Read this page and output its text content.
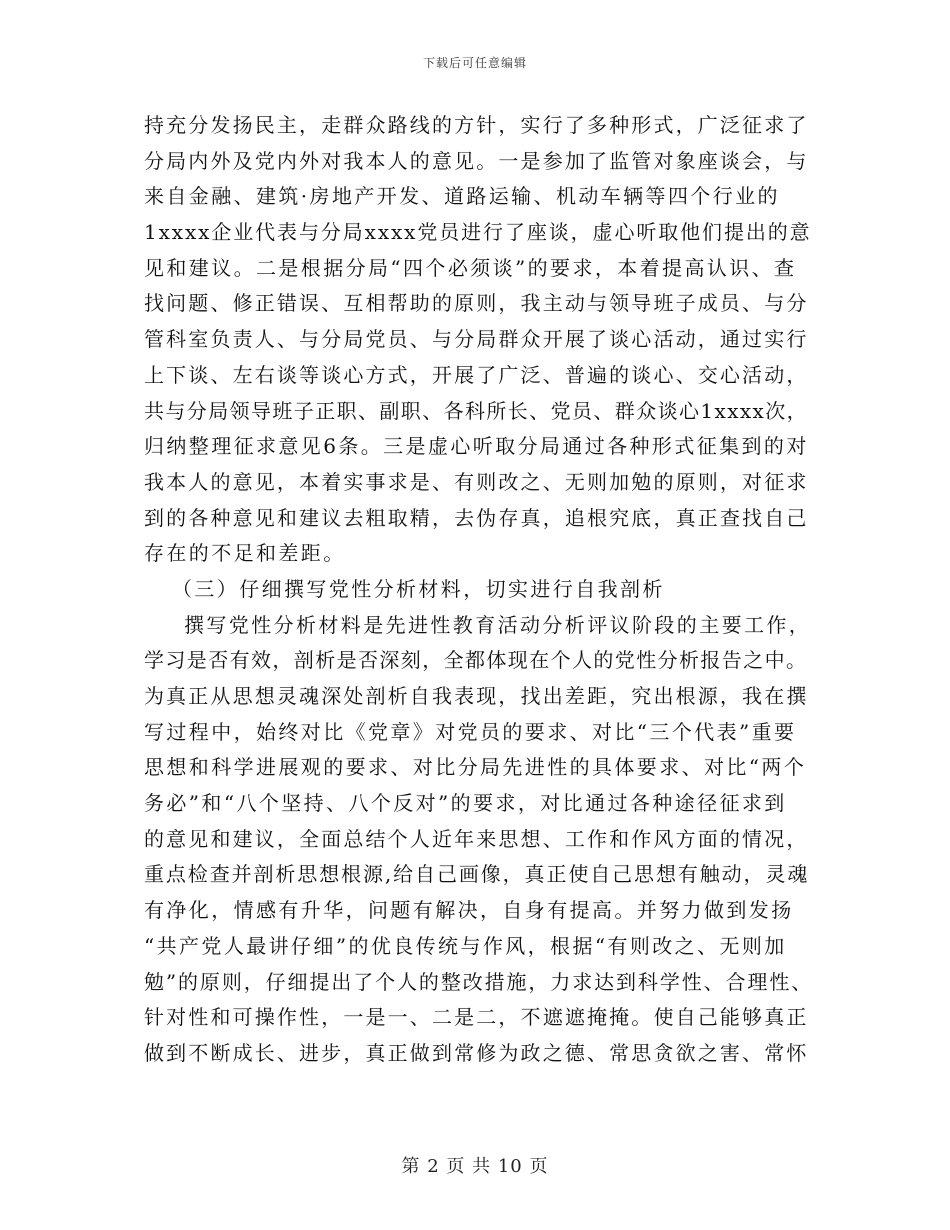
下载后可任意编辑
持充分发扬民主，走群众路线的方针，实行了多种形式，广泛征求了
分局内外及党内外对我本人的意见。一是参加了监管对象座谈会，与
来自金融、建筑·房地产开发、道路运输、机动车辆等四个行业的
1xxxx企业代表与分局xxxx党员进行了座谈，虚心听取他们提出的意
见和建议。二是根据分局“四个必须谈”的要求，本着提高认识、查
找问题、修正错误、互相帮助的原则，我主动与领导班子成员、与分
管科室负责人、与分局党员、与分局群众开展了谈心活动，通过实行
上下谈、左右谈等谈心方式，开展了广泛、普遍的谈心、交心活动，
共与分局领导班子正职、副职、各科所长、党员、群众谈心1xxxx次，
归纳整理征求意见6条。三是虚心听取分局通过各种形式征集到的对
我本人的意见，本着实事求是、有则改之、无则加勉的原则，对征求
到的各种意见和建议去粗取精，去伪存真，追根究底，真正查找自己
存在的不足和差距。
（三）仔细撰写党性分析材料，切实进行自我剖析
撰写党性分析材料是先进性教育活动分析评议阶段的主要工作，
学习是否有效，剖析是否深刻，全都体现在个人的党性分析报告之中。
为真正从思想灵魂深处剖析自我表现，找出差距，究出根源，我在撰
写过程中，始终对比《党章》对党员的要求、对比“三个代表”重要
思想和科学进展观的要求、对比分局先进性的具体要求、对比“两个
务必”和“八个坚持、八个反对”的要求，对比通过各种途径征求到
的意见和建议，全面总结个人近年来思想、工作和作风方面的情况，
重点检查并剖析思想根源,给自己画像，真正使自己思想有触动，灵魂
有净化，情感有升华，问题有解决，自身有提高。并努力做到发扬
“共产党人最讲仔细”的优良传统与作风，根据“有则改之、无则加
勉”的原则，仔细提出了个人的整改措施，力求达到科学性、合理性、
针对性和可操作性，一是一、二是二，不遮遮掩掩。使自己能够真正
做到不断成长、进步，真正做到常修为政之德、常思贪欲之害、常怀
第 2 页 共 10 页
